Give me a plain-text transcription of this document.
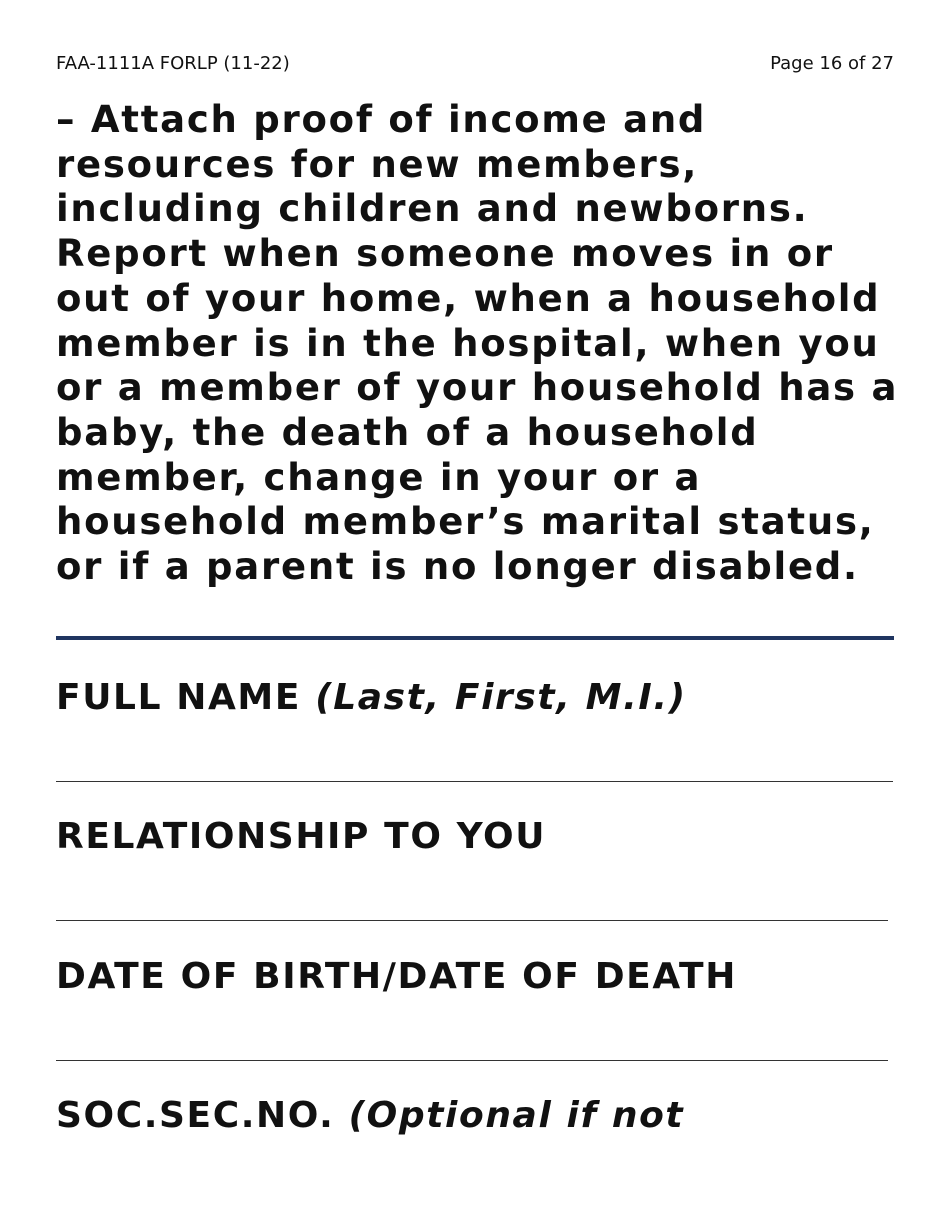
FAA-1111A FORLP (11-22)	Page 16 of 27

– Attach proof of income and resources for new members, including children and newborns. Report when someone moves in or out of your home, when a household member is in the hospital, when you or a member of your household has a baby, the death of a household member, change in your or a household member’s marital status, or if a parent is no longer disabled.

FULL NAME (Last, First, M.I.)

RELATIONSHIP TO YOU

DATE OF BIRTH/DATE OF DEATH

SOC.SEC.NO. (Optional if not
